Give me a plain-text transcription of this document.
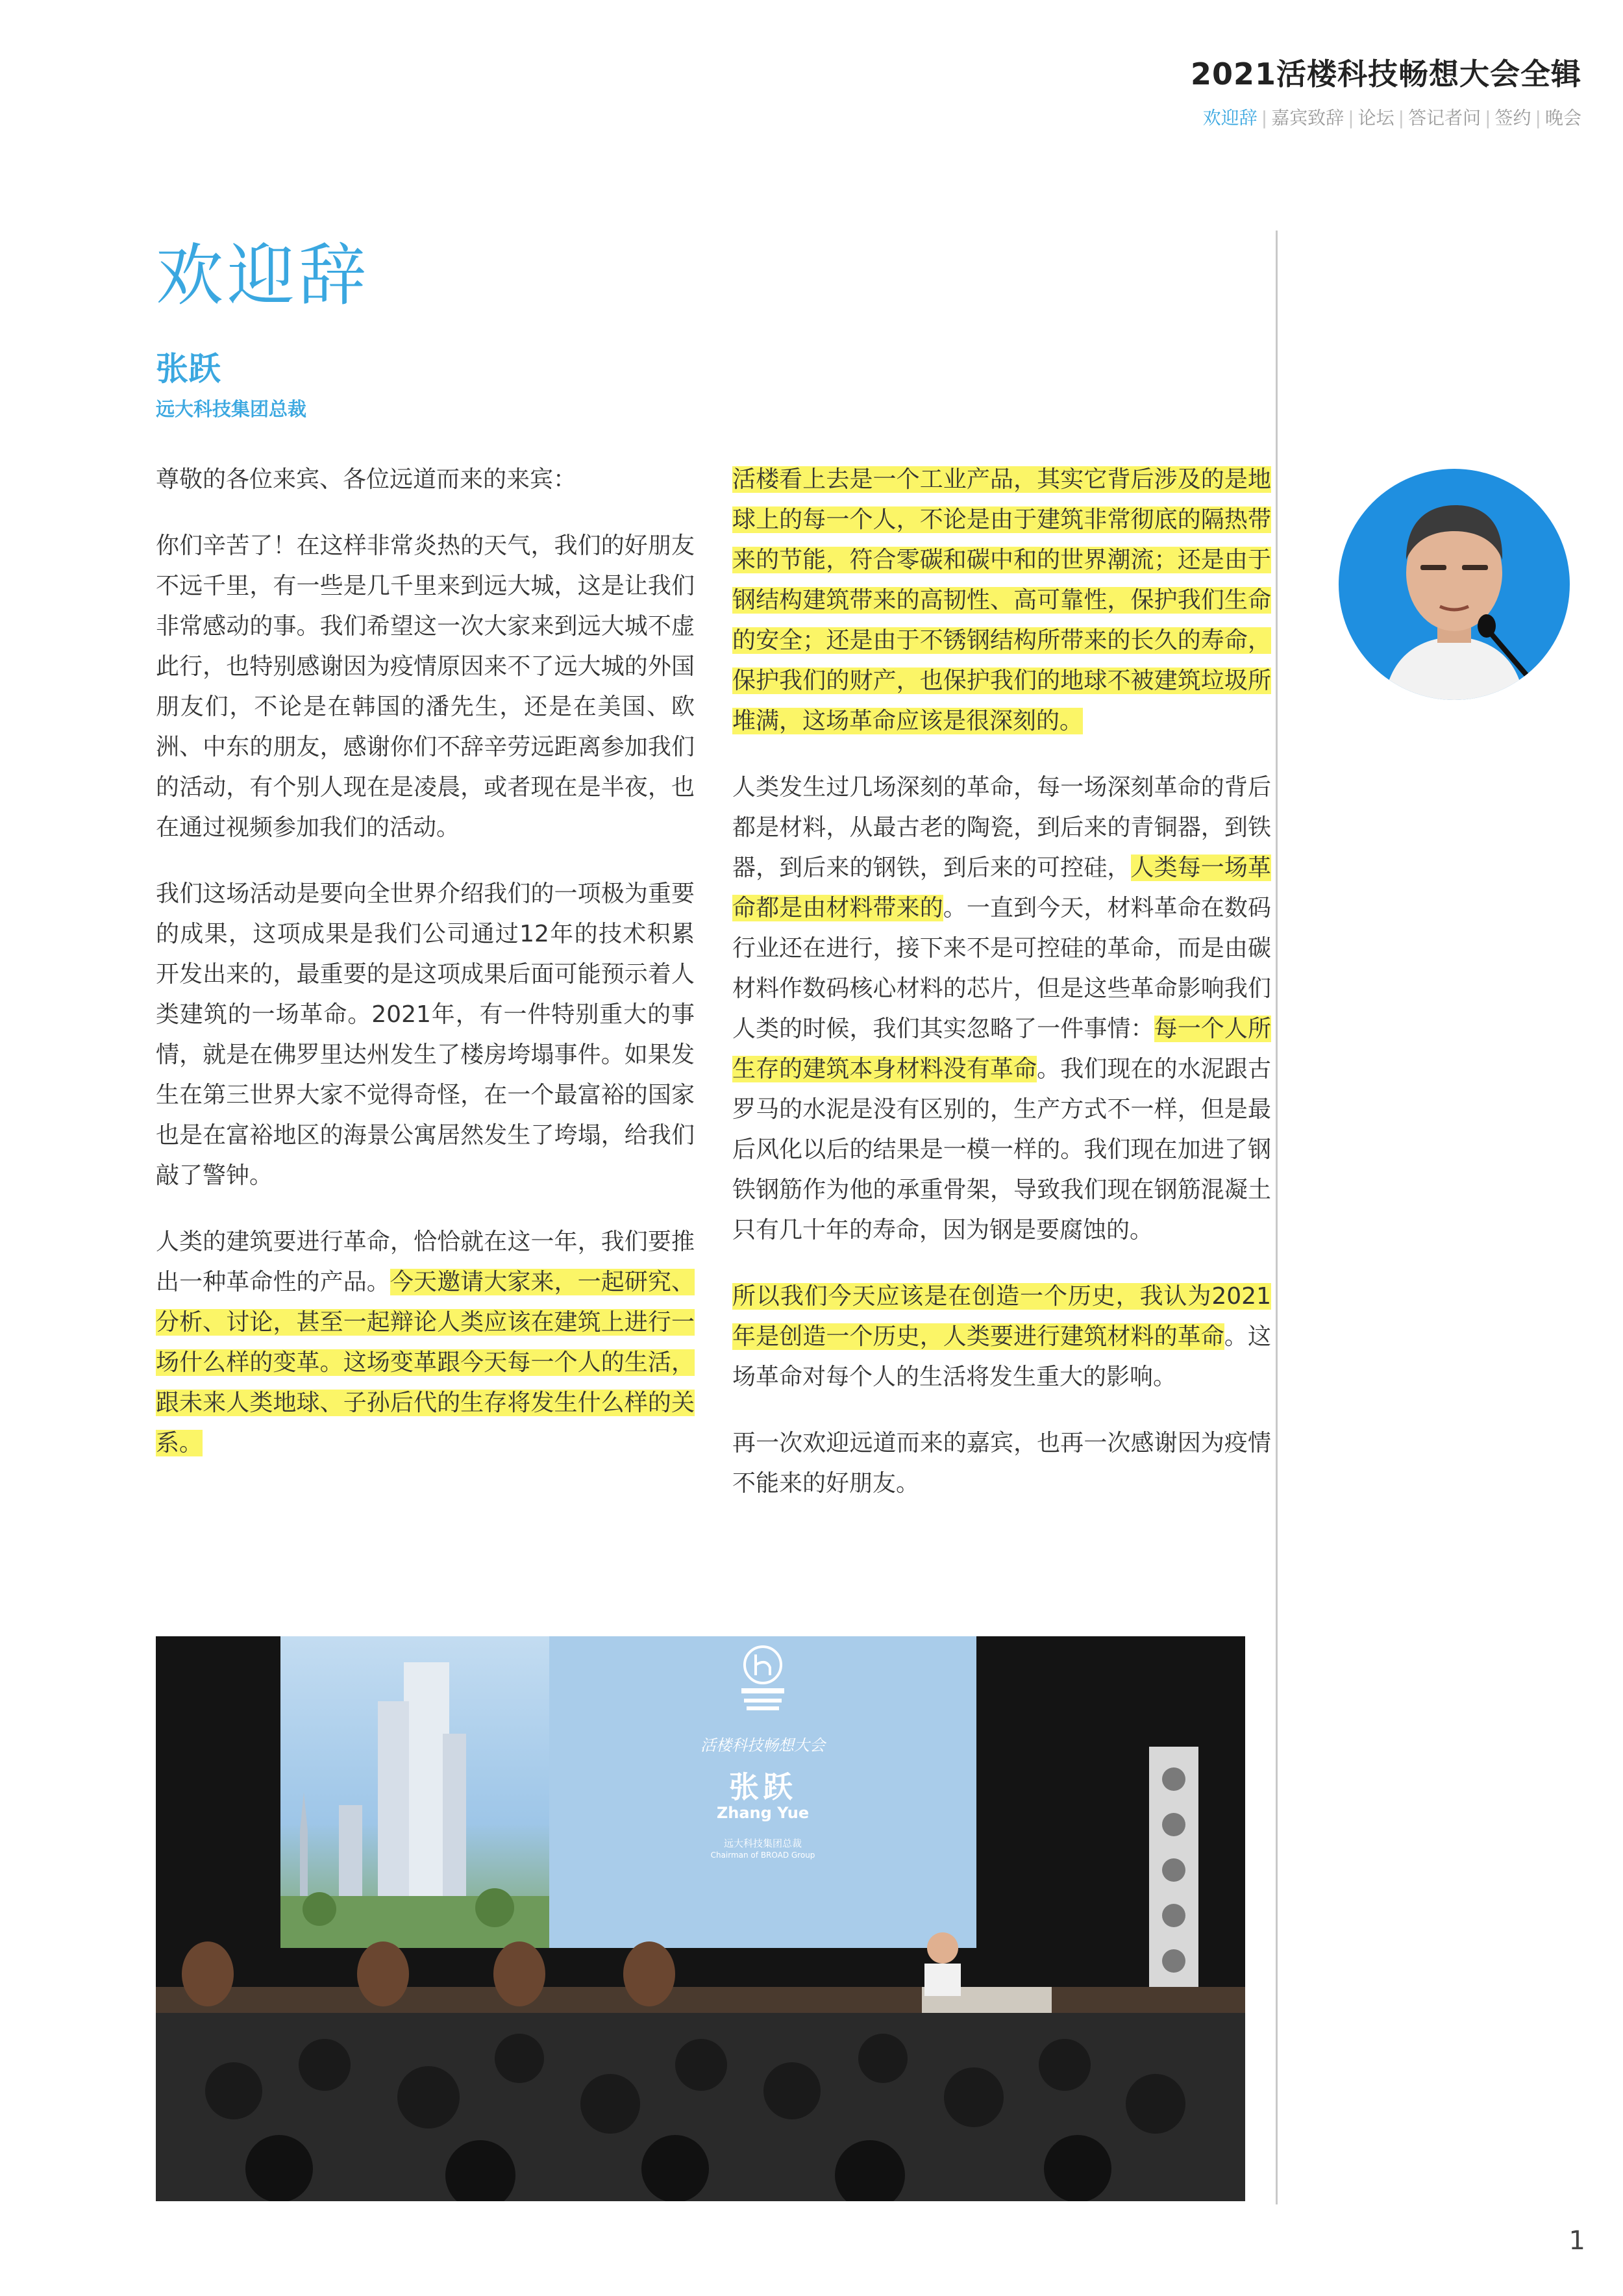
2021活楼科技畅想大会全辑
欢迎辞 | 嘉宾致辞 | 论坛 | 答记者问 | 签约 | 晚会
欢迎辞
张跃
远大科技集团总裁

尊敬的各位来宾、各位远道而来的来宾：

你们辛苦了！在这样非常炎热的天气，我们的好朋友不远千里，有一些是几千里来到远大城，这是让我们非常感动的事。我们希望这一次大家来到远大城不虚此行，也特别感谢因为疫情原因来不了远大城的外国朋友们，不论是在韩国的潘先生，还是在美国、欧洲、中东的朋友，感谢你们不辞辛劳远距离参加我们的活动，有个别人现在是凌晨，或者现在是半夜，也在通过视频参加我们的活动。

我们这场活动是要向全世界介绍我们的一项极为重要的成果，这项成果是我们公司通过12年的技术积累开发出来的，最重要的是这项成果后面可能预示着人类建筑的一场革命。2021年，有一件特别重大的事情，就是在佛罗里达州发生了楼房垮塌事件。如果发生在第三世界大家不觉得奇怪，在一个最富裕的国家也是在富裕地区的海景公寓居然发生了垮塌，给我们敲了警钟。

人类的建筑要进行革命，恰恰就在这一年，我们要推出一种革命性的产品。今天邀请大家来，一起研究、分析、讨论，甚至一起辩论人类应该在建筑上进行一场什么样的变革。这场变革跟今天每一个人的生活，跟未来人类地球、子孙后代的生存将发生什么样的关系。

活楼看上去是一个工业产品，其实它背后涉及的是地球上的每一个人，不论是由于建筑非常彻底的隔热带来的节能，符合零碳和碳中和的世界潮流；还是由于钢结构建筑带来的高韧性、高可靠性，保护我们生命的安全；还是由于不锈钢结构所带来的长久的寿命，保护我们的财产，也保护我们的地球不被建筑垃圾所堆满，这场革命应该是很深刻的。

人类发生过几场深刻的革命，每一场深刻革命的背后都是材料，从最古老的陶瓷，到后来的青铜器，到铁器，到后来的钢铁，到后来的可控硅，人类每一场革命都是由材料带来的。一直到今天，材料革命在数码行业还在进行，接下来不是可控硅的革命，而是由碳材料作数码核心材料的芯片，但是这些革命影响我们人类的时候，我们其实忽略了一件事情：每一个人所生存的建筑本身材料没有革命。我们现在的水泥跟古罗马的水泥是没有区别的，生产方式不一样，但是最后风化以后的结果是一模一样的。我们现在加进了钢铁钢筋作为他的承重骨架，导致我们现在钢筋混凝土只有几十年的寿命，因为钢是要腐蚀的。

所以我们今天应该是在创造一个历史，我认为2021年是创造一个历史，人类要进行建筑材料的革命。这场革命对每个人的生活将发生重大的影响。

再一次欢迎远道而来的嘉宾，也再一次感谢因为疫情不能来的好朋友。

活楼科技畅想大会
张跃
Zhang Yue
远大科技集团总裁
Chairman of BROAD Group
1
